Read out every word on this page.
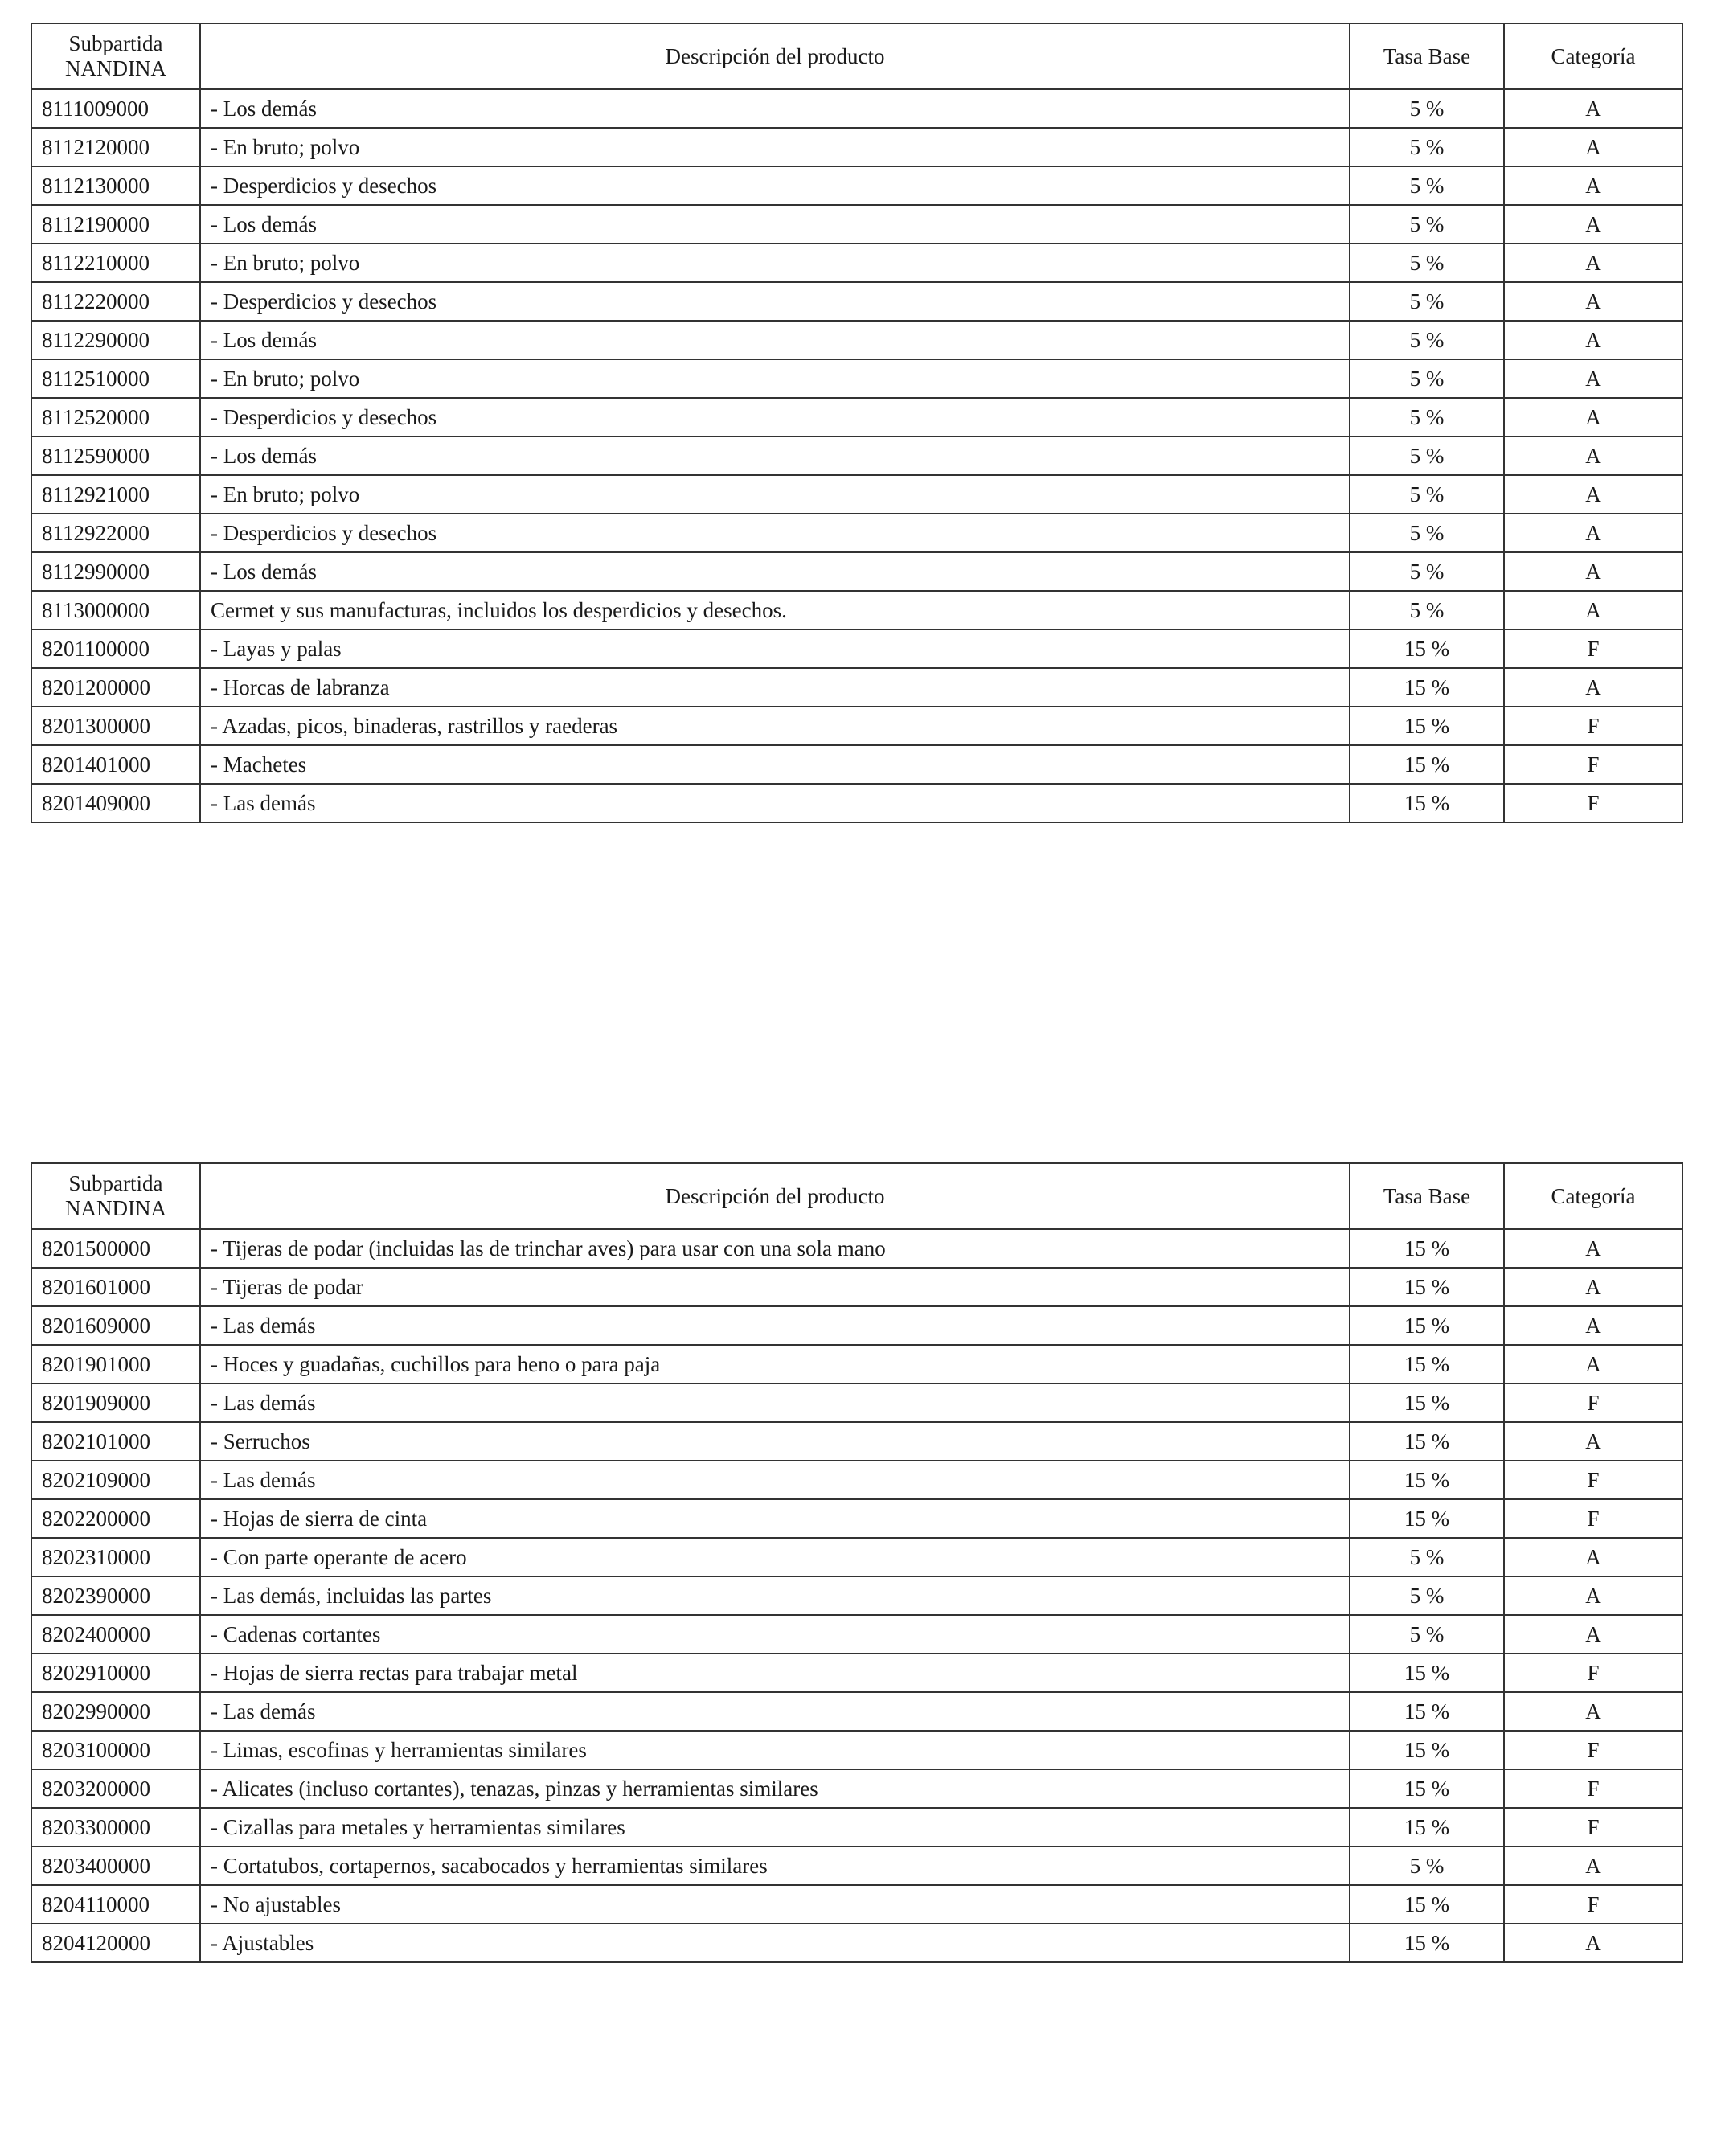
Subpartida
NANDINA	Descripción del producto	Tasa Base	Categoría
8111009000	- Los demás	5 %	A
8112120000	- En bruto; polvo	5 %	A
8112130000	- Desperdicios y desechos	5 %	A
8112190000	- Los demás	5 %	A
8112210000	- En bruto; polvo	5 %	A
8112220000	- Desperdicios y desechos	5 %	A
8112290000	- Los demás	5 %	A
8112510000	- En bruto; polvo	5 %	A
8112520000	- Desperdicios y desechos	5 %	A
8112590000	- Los demás	5 %	A
8112921000	- En bruto; polvo	5 %	A
8112922000	- Desperdicios y desechos	5 %	A
8112990000	- Los demás	5 %	A
8113000000	Cermet y sus manufacturas, incluidos los desperdicios y desechos.	5 %	A
8201100000	- Layas y palas	15 %	F
8201200000	- Horcas de labranza	15 %	A
8201300000	- Azadas, picos, binaderas, rastrillos y raederas	15 %	F
8201401000	- Machetes	15 %	F
8201409000	- Las demás	15 %	F
Subpartida
NANDINA	Descripción del producto	Tasa Base	Categoría
8201500000	- Tijeras de podar (incluidas las de trinchar aves) para usar con una sola mano	15 %	A
8201601000	- Tijeras de podar	15 %	A
8201609000	- Las demás	15 %	A
8201901000	- Hoces y guadañas, cuchillos para heno o para paja	15 %	A
8201909000	- Las demás	15 %	F
8202101000	- Serruchos	15 %	A
8202109000	- Las demás	15 %	F
8202200000	- Hojas de sierra de cinta	15 %	F
8202310000	- Con parte operante de acero	5 %	A
8202390000	- Las demás, incluidas las partes	5 %	A
8202400000	- Cadenas cortantes	5 %	A
8202910000	- Hojas de sierra rectas para trabajar metal	15 %	F
8202990000	- Las demás	15 %	A
8203100000	- Limas, escofinas y herramientas similares	15 %	F
8203200000	- Alicates (incluso cortantes), tenazas, pinzas y herramientas similares	15 %	F
8203300000	- Cizallas para metales y herramientas similares	15 %	F
8203400000	- Cortatubos, cortapernos, sacabocados y herramientas similares	5 %	A
8204110000	- No ajustables	15 %	F
8204120000	- Ajustables	15 %	A
